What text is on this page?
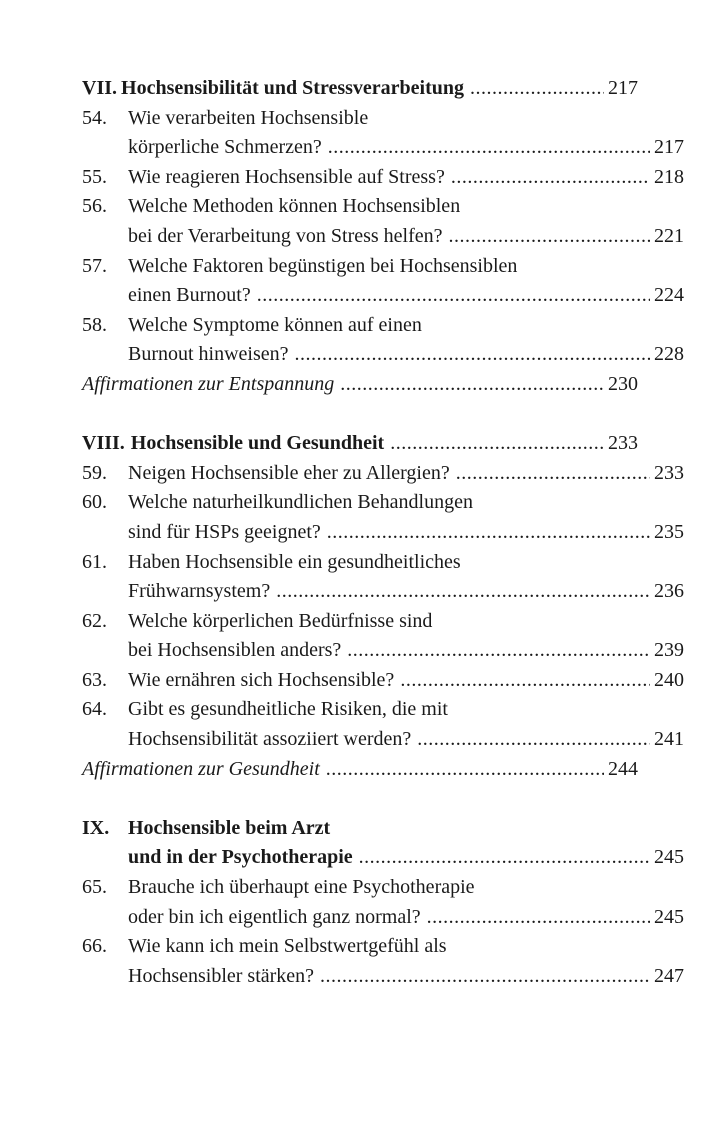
VII. Hochsensibilität und Stressverarbeitung .....	217
54. Wie verarbeiten Hochsensible
körperliche Schmerzen? .....	217
55. Wie reagieren Hochsensible auf Stress? .....	218
56. Welche Methoden können Hochsensiblen
bei der Verarbeitung von Stress helfen? .....	221
57. Welche Faktoren begünstigen bei Hochsensiblen
einen Burnout? .....	224
58. Welche Symptome können auf einen
Burnout hinweisen? .....	228
Affirmationen zur Entspannung .....	230
VIII. Hochsensible und Gesundheit .....	233
59. Neigen Hochsensible eher zu Allergien? .....	233
60. Welche naturheilkundlichen Behandlungen
sind für HSPs geeignet? .....	235
61. Haben Hochsensible ein gesundheitliches
Frühwarnsystem? .....	236
62. Welche körperlichen Bedürfnisse sind
bei Hochsensiblen anders? .....	239
63. Wie ernähren sich Hochsensible? .....	240
64. Gibt es gesundheitliche Risiken, die mit
Hochsensibilität assoziiert werden? .....	241
Affirmationen zur Gesundheit .....	244
IX. Hochsensible beim Arzt
und in der Psychotherapie .....	245
65. Brauche ich überhaupt eine Psychotherapie
oder bin ich eigentlich ganz normal? .....	245
66. Wie kann ich mein Selbstwertgefühl als
Hochsensibler stärken? .....	247
